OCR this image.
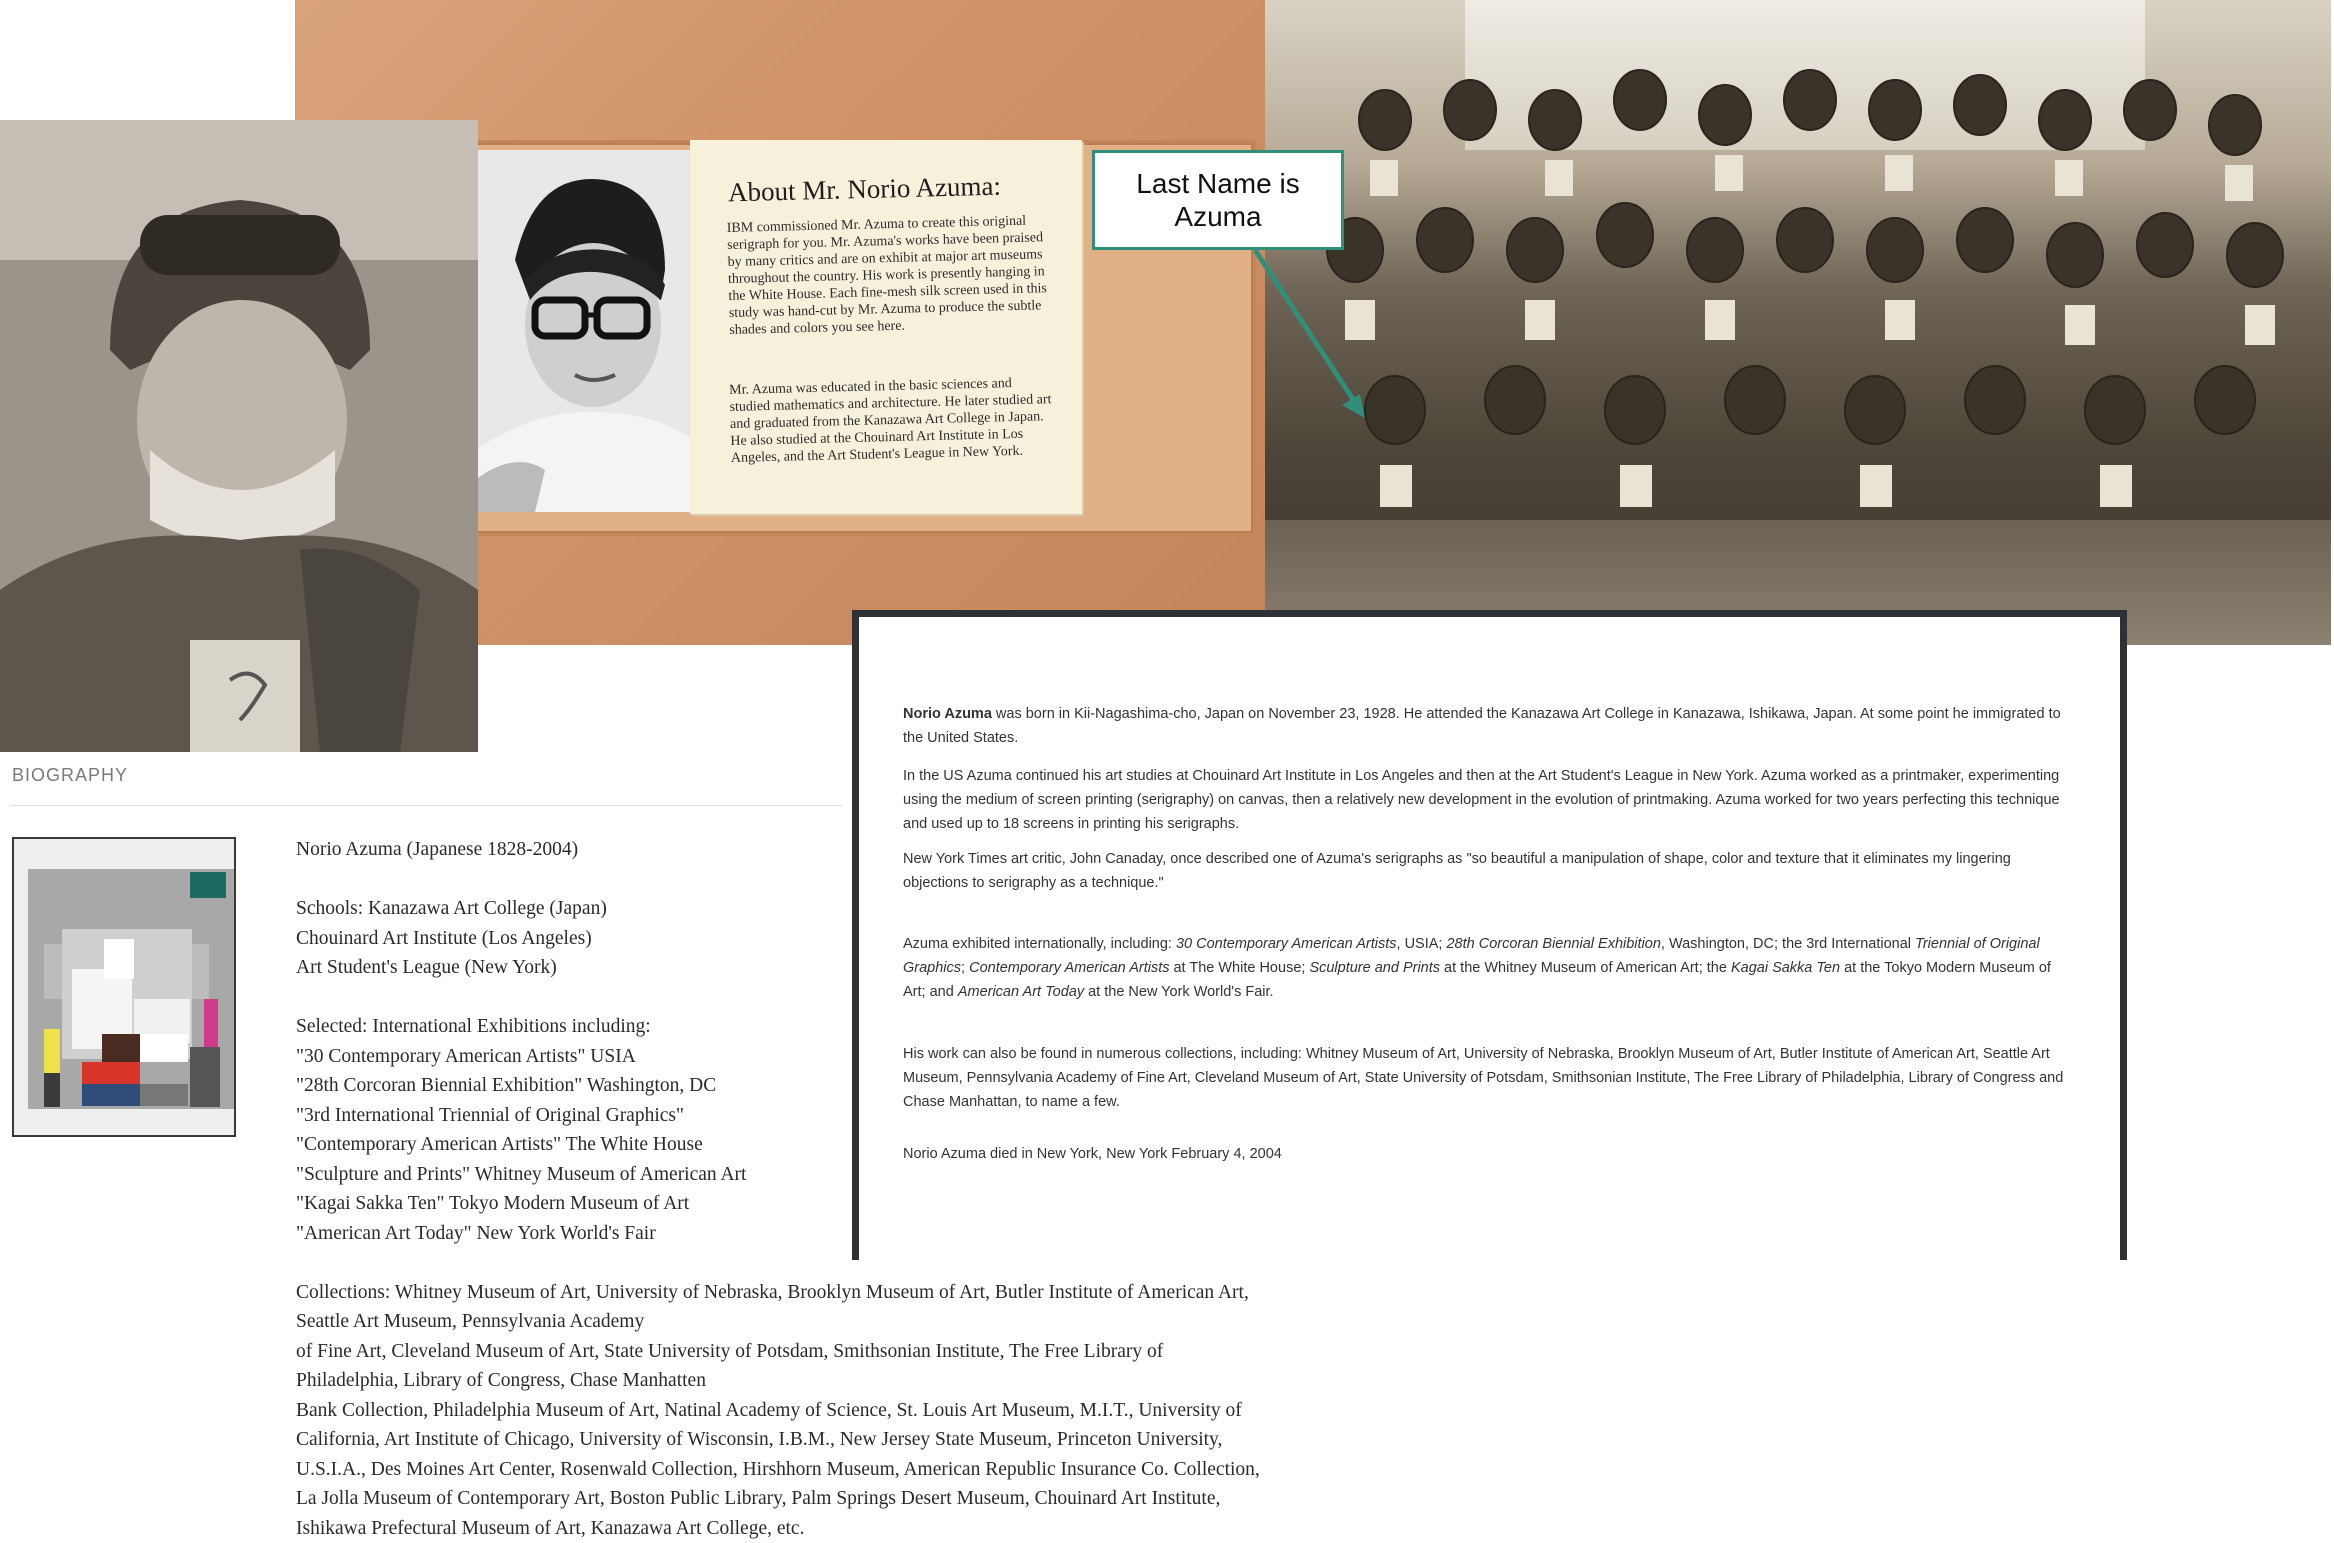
About Mr. Norio Azuma:
IBM commissioned Mr. Azuma to create this original serigraph for you. Mr. Azuma's works have been praised by many critics and are on exhibit at major art museums throughout the country. His work is presently hanging in the White House. Each fine-mesh silk screen used in this study was hand-cut by Mr. Azuma to produce the subtle shades and colors you see here.
Mr. Azuma was educated in the basic sciences and studied mathematics and architecture. He later studied art and graduated from the Kanazawa Art College in Japan. He also studied at the Chouinard Art Institute in Los Angeles, and the Art Student's League in New York.
Last Name is Azuma
BIOGRAPHY
Norio Azuma (Japanese 1828-2004)
Schools: Kanazawa Art College (Japan)
Chouinard Art Institute (Los Angeles)
Art Student's League (New York)
Selected: International Exhibitions including:
"30 Contemporary American Artists" USIA
"28th Corcoran Biennial Exhibition" Washington, DC
"3rd International Triennial of Original Graphics"
"Contemporary American Artists" The White House
"Sculpture and Prints" Whitney Museum of American Art
"Kagai Sakka Ten" Tokyo Modern Museum of Art
"American Art Today" New York World's Fair
Collections: Whitney Museum of Art, University of Nebraska, Brooklyn Museum of Art, Butler Institute of American Art,
Seattle Art Museum, Pennsylvania Academy
of Fine Art, Cleveland Museum of Art, State University of Potsdam, Smithsonian Institute, The Free Library of
Philadelphia, Library of Congress, Chase Manhatten
Bank Collection, Philadelphia Museum of Art, Natinal Academy of Science, St. Louis Art Museum, M.I.T., University of
California, Art Institute of Chicago, University of Wisconsin, I.B.M., New Jersey State Museum, Princeton University,
U.S.I.A., Des Moines Art Center, Rosenwald Collection, Hirshhorn Museum, American Republic Insurance Co. Collection,
La Jolla Museum of Contemporary Art, Boston Public Library, Palm Springs Desert Museum, Chouinard Art Institute,
Ishikawa Prefectural Museum of Art, Kanazawa Art College, etc.
Norio Azuma was born in Kii-Nagashima-cho, Japan on November 23, 1928. He attended the Kanazawa Art College in Kanazawa, Ishikawa, Japan. At some point he immigrated to the United States.
In the US Azuma continued his art studies at Chouinard Art Institute in Los Angeles and then at the Art Student's League in New York. Azuma worked as a printmaker, experimenting using the medium of screen printing (serigraphy) on canvas, then a relatively new development in the evolution of printmaking. Azuma worked for two years perfecting this technique and used up to 18 screens in printing his serigraphs.
New York Times art critic, John Canaday, once described one of Azuma's serigraphs as "so beautiful a manipulation of shape, color and texture that it eliminates my lingering objections to serigraphy as a technique."
Azuma exhibited internationally, including: 30 Contemporary American Artists, USIA; 28th Corcoran Biennial Exhibition, Washington, DC; the 3rd International Triennial of Original Graphics; Contemporary American Artists at The White House; Sculpture and Prints at the Whitney Museum of American Art; the Kagai Sakka Ten at the Tokyo Modern Museum of Art; and American Art Today at the New York World's Fair.
His work can also be found in numerous collections, including: Whitney Museum of Art, University of Nebraska, Brooklyn Museum of Art, Butler Institute of American Art, Seattle Art Museum, Pennsylvania Academy of Fine Art, Cleveland Museum of Art, State University of Potsdam, Smithsonian Institute, The Free Library of Philadelphia, Library of Congress and Chase Manhattan, to name a few.
Norio Azuma died in New York, New York February 4, 2004
